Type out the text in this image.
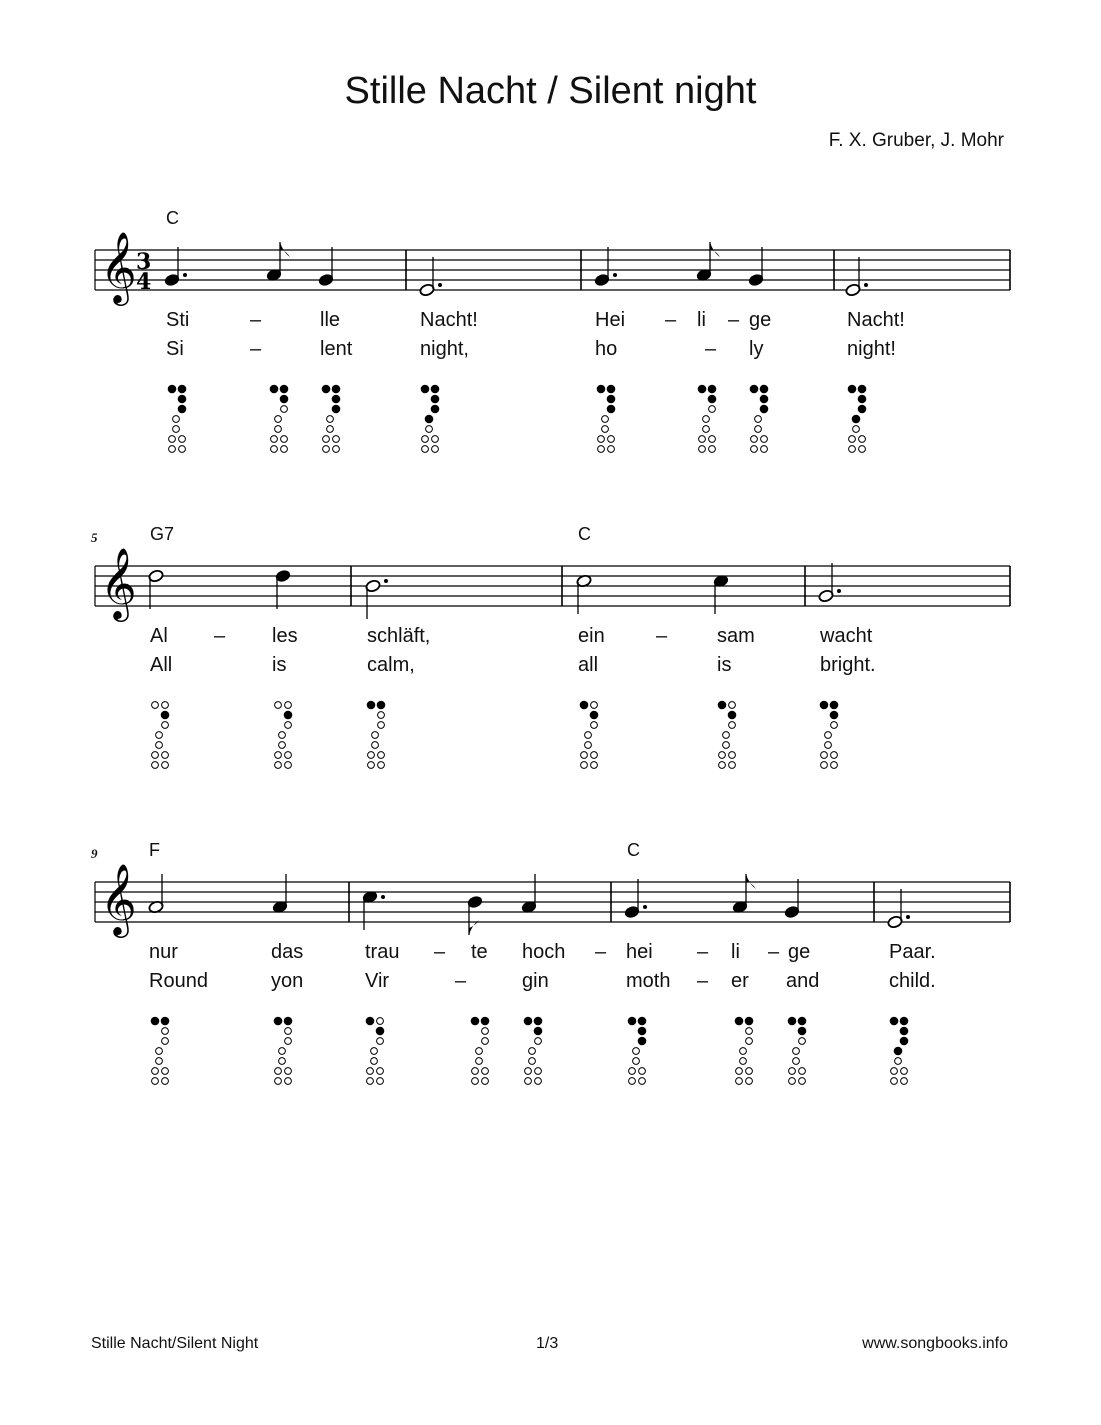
Stille Nacht / Silent night
F. X. Gruber, J. Mohr
𝄞 3
4
C
Sti	–	lle	Nacht!	Hei – li – ge	Nacht!
Si	–	lent	night,	ho	– ly	night!
𝄞
5	G7	C
Al – les	schläft,	ein	– sam	wacht
All	is	calm,	all	is	bright.
𝄞
9	F	C
nur	das	trau – te hoch – hei – li – ge	Paar.
Round	yon	Vir	–	gin	moth – er and	child.
Stille Nacht/Silent Night	1/3	www.songbooks.info
